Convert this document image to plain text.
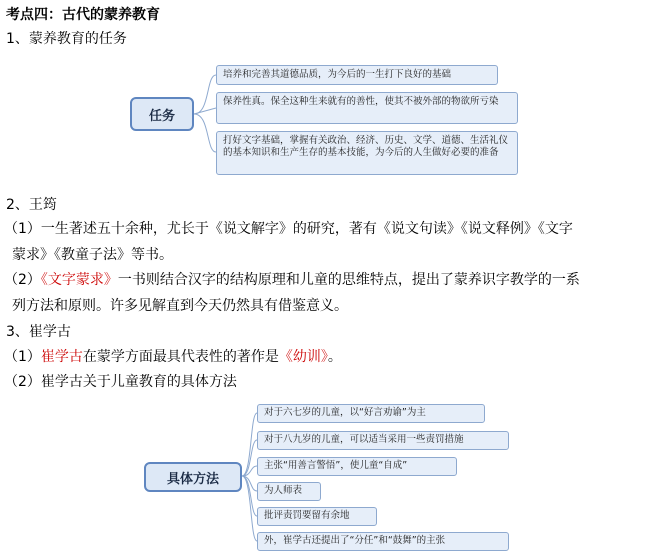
考点四：古代的蒙养教育
1、蒙养教育的任务
任务
培养和完善其道德品质，为今后的一生打下良好的基础
保养性真。保全这种生来就有的善性，使其不被外部的物欲所亏染
打好文字基础，掌握有关政治、经济、历史、文学、道德、生活礼仪的基本知识和生产生存的基本技能，为今后的人生做好必要的准备
2、王筠
（1）一生著述五十余种，尤长于《说文解字》的研究，著有《说文句读》《说文释例》《文字
蒙求》《教童子法》等书。
（2）《文字蒙求》一书则结合汉字的结构原理和儿童的思维特点，提出了蒙养识字教学的一系
列方法和原则。许多见解直到今天仍然具有借鉴意义。
3、崔学古
（1）崔学古在蒙学方面最具代表性的著作是《幼训》。
（2）崔学古关于儿童教育的具体方法
具体方法
对于六七岁的儿童，以“好言劝谕”为主
对于八九岁的儿童，可以适当采用一些责罚措施
主张“用善言警悟”，使儿童“自成”
为人师表
批评责罚要留有余地
外，崔学古还提出了“分任”和“鼓舞”的主张
